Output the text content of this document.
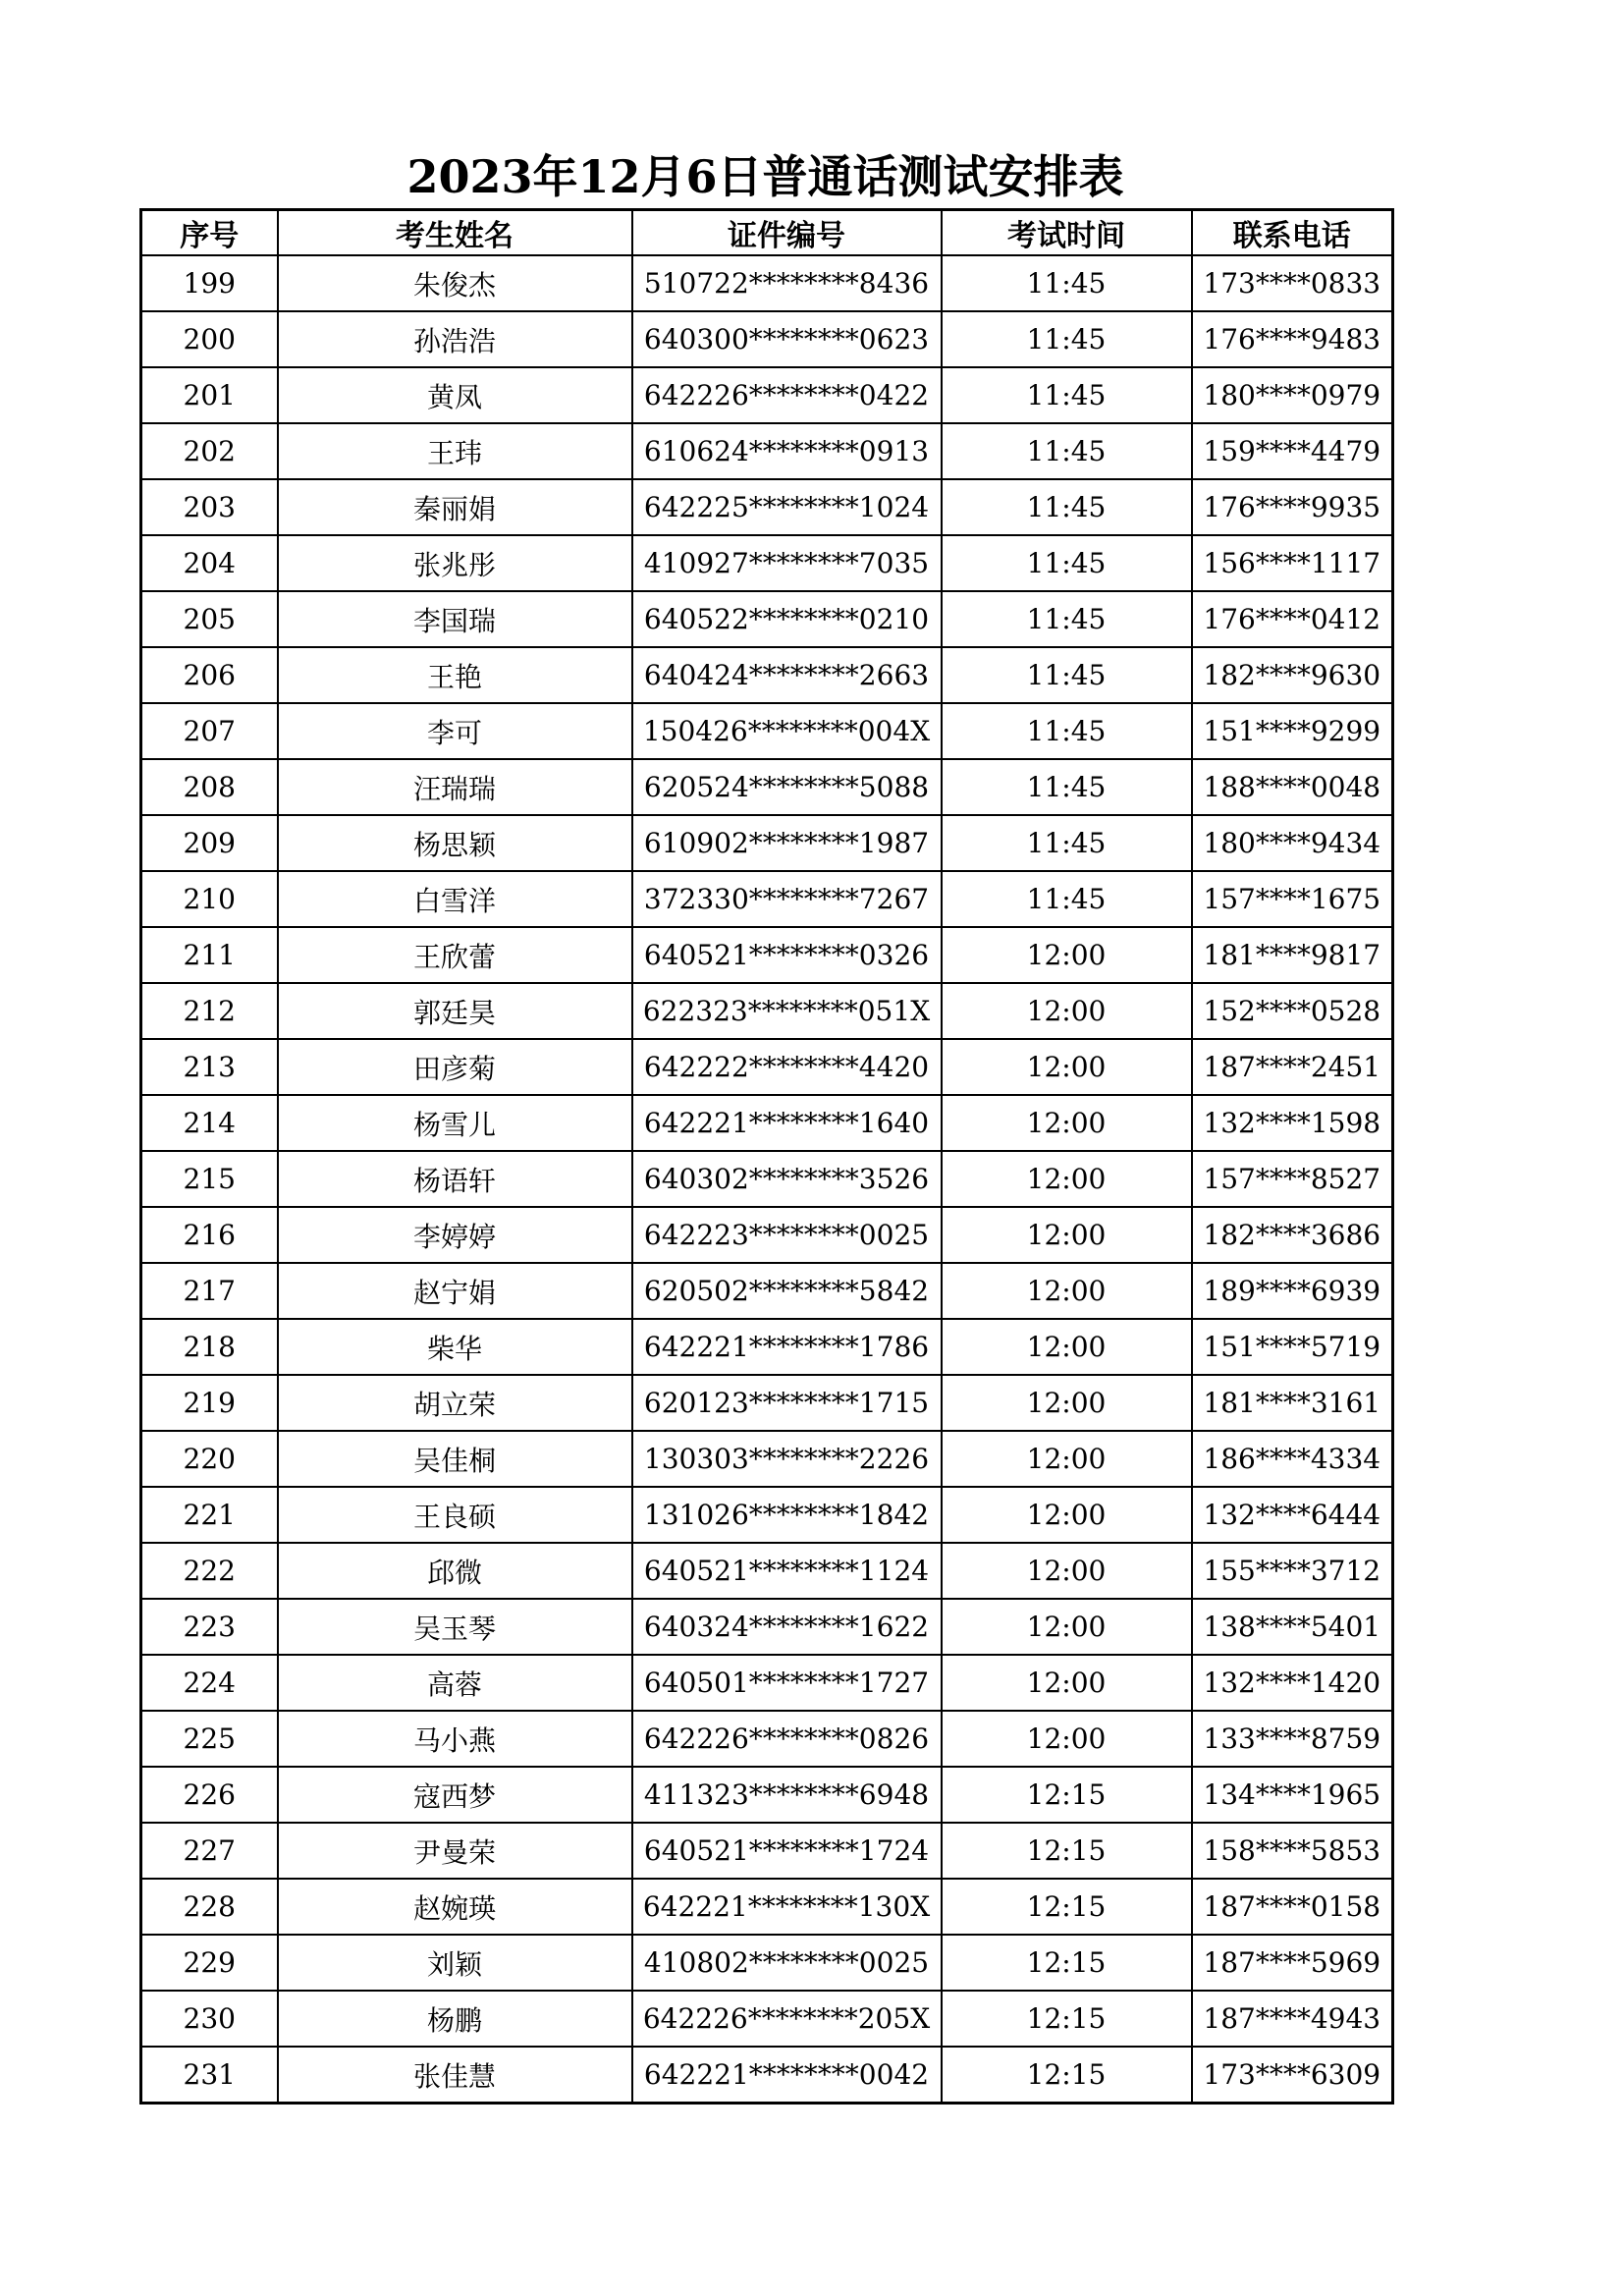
2023年12月6日普通话测试安排表
序号	考生姓名	证件编号	考试时间	联系电话
199	朱俊杰	510722********8436	11:45	173****0833
200	孙浩浩	640300********0623	11:45	176****9483
201	黄凤	642226********0422	11:45	180****0979
202	王玮	610624********0913	11:45	159****4479
203	秦丽娟	642225********1024	11:45	176****9935
204	张兆彤	410927********7035	11:45	156****1117
205	李国瑞	640522********0210	11:45	176****0412
206	王艳	640424********2663	11:45	182****9630
207	李可	150426********004X	11:45	151****9299
208	汪瑞瑞	620524********5088	11:45	188****0048
209	杨思颖	610902********1987	11:45	180****9434
210	白雪洋	372330********7267	11:45	157****1675
211	王欣蕾	640521********0326	12:00	181****9817
212	郭廷昊	622323********051X	12:00	152****0528
213	田彦菊	642222********4420	12:00	187****2451
214	杨雪儿	642221********1640	12:00	132****1598
215	杨语轩	640302********3526	12:00	157****8527
216	李婷婷	642223********0025	12:00	182****3686
217	赵宁娟	620502********5842	12:00	189****6939
218	柴华	642221********1786	12:00	151****5719
219	胡立荣	620123********1715	12:00	181****3161
220	吴佳桐	130303********2226	12:00	186****4334
221	王良硕	131026********1842	12:00	132****6444
222	邱微	640521********1124	12:00	155****3712
223	吴玉琴	640324********1622	12:00	138****5401
224	高蓉	640501********1727	12:00	132****1420
225	马小燕	642226********0826	12:00	133****8759
226	寇西梦	411323********6948	12:15	134****1965
227	尹曼荣	640521********1724	12:15	158****5853
228	赵婉瑛	642221********130X	12:15	187****0158
229	刘颖	410802********0025	12:15	187****5969
230	杨鹏	642226********205X	12:15	187****4943
231	张佳慧	642221********0042	12:15	173****6309
